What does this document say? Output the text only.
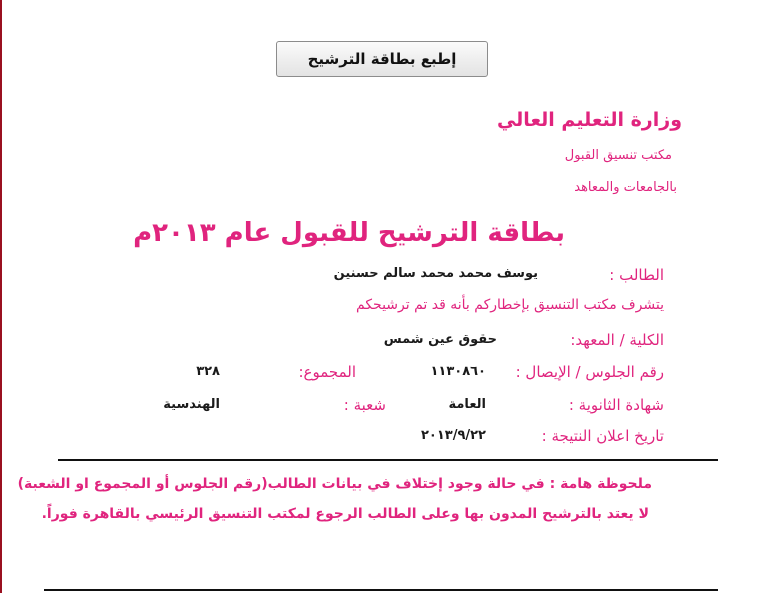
إطبع بطاقة الترشيح
وزارة التعليم العالي
مكتب تنسيق القبول
بالجامعات والمعاهد
بطاقة الترشيح للقبول عام ٢٠١٣م
الطالب :
يوسف محمد محمد سالم حسنين
يتشرف مكتب التنسيق بإخطاركم بأنه قد تم ترشيحكم
الكلية / المعهد:
حقوق عين شمس
رقم الجلوس / الإيصال :
١١٣٠٨٦٠
المجموع:
٣٢٨
شهادة الثانوية :
العامة
شعبة :
الهندسية
تاريخ اعلان النتيجة :
٢٠١٣/٩/٢٢
ملحوظة هامة : في حالة وجود إختلاف في بيانات الطالب(رقم الجلوس أو المجموع او الشعبة)
لا يعتد بالترشيح المدون بها وعلى الطالب الرجوع لمكتب التنسيق الرئيسي بالقاهرة فوراً.
